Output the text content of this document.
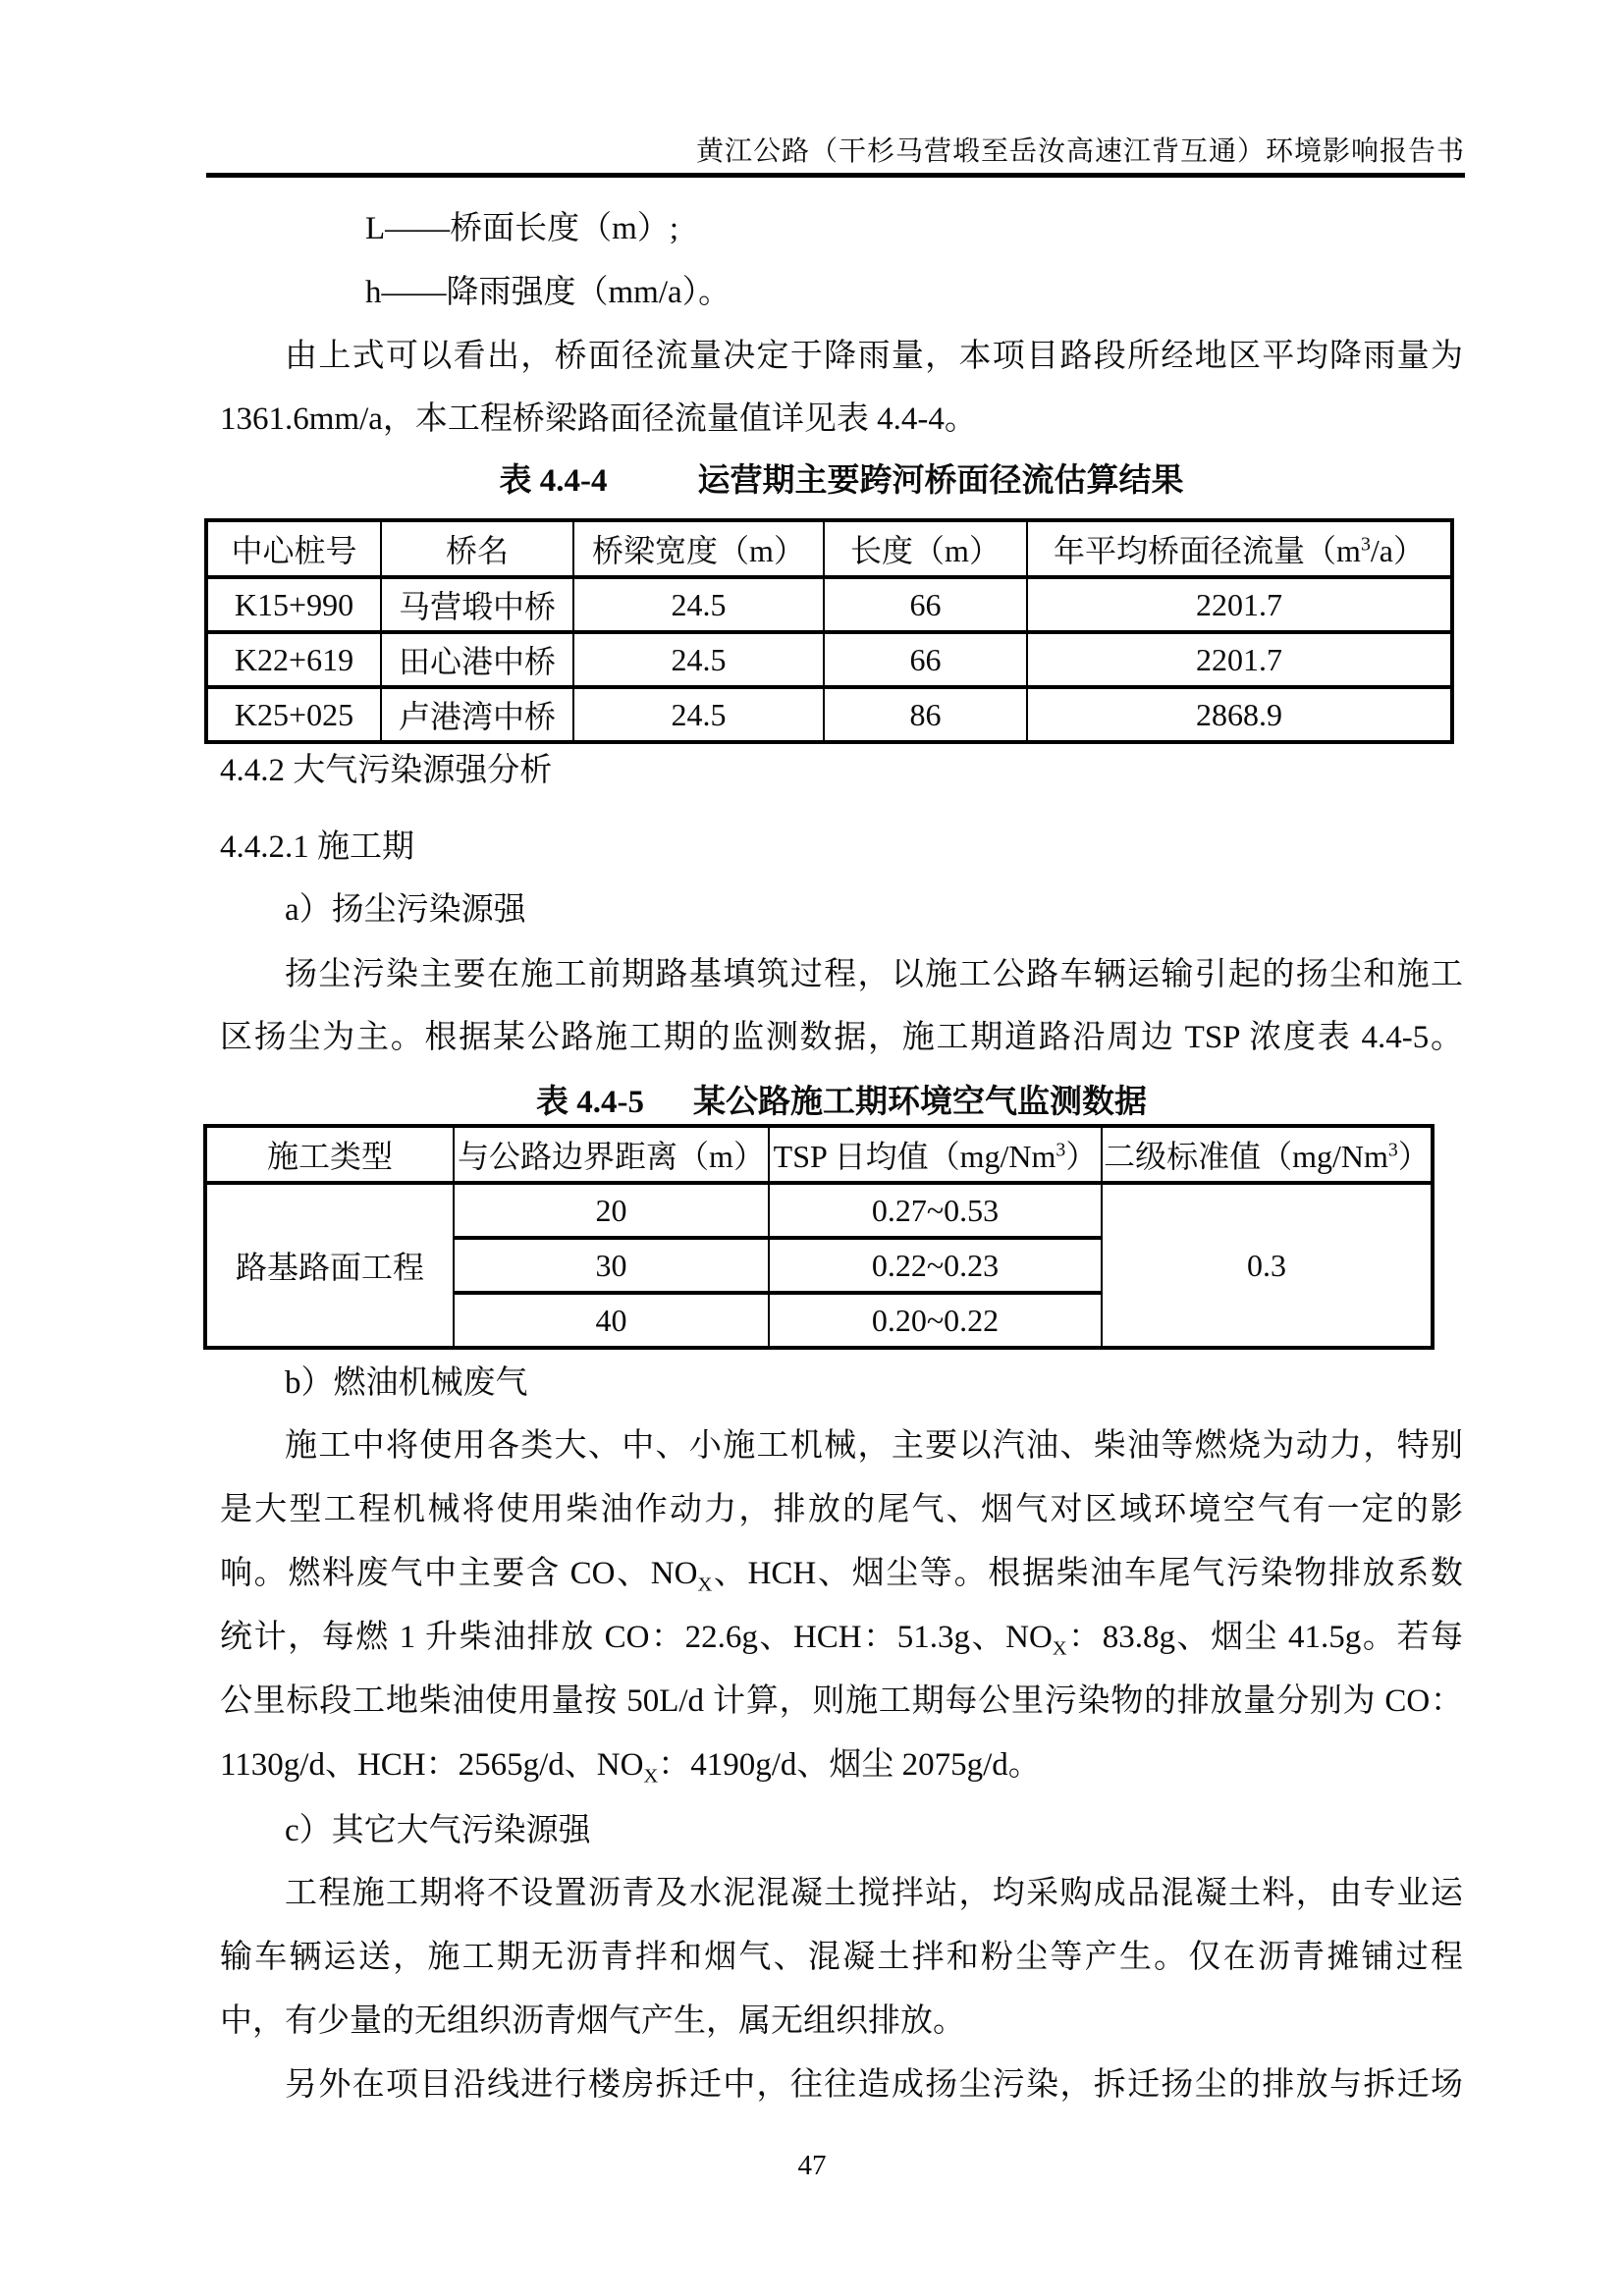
黄江公路（干杉马营塅至岳汝高速江背互通）环境影响报告书
L——桥面长度（m）;
h——降雨强度（mm/a）。
由上式可以看出，桥面径流量决定于降雨量，本项目路段所经地区平均降雨量为
1361.6mm/a，本工程桥梁路面径流量值详见表 4.4-4。
表 4.4-4	运营期主要跨河桥面径流估算结果
中心桩号	桥名	桥梁宽度（m）	长度（m）	年平均桥面径流量$(m^3/a)$
K15+990	马营塅中桥	24.5	66	2201.7
K22+619	田心港中桥	24.5	66	2201.7
K25+025	卢港湾中桥	24.5	86	2868.9
4.4.2 大气污染源强分析
4.4.2.1 施工期
a）扬尘污染源强
扬尘污染主要在施工前期路基填筑过程，以施工公路车辆运输引起的扬尘和施工
区扬尘为主。根据某公路施工期的监测数据，施工期道路沿周边 TSP 浓度表 4.4-5。
表 4.4-5 某公路施工期环境空气监测数据
施工类型	与公路边界距离（m）	TSP 日均值（mg/Nm$^3$）	二级标准值（mg/Nm$^3$）
路基路面工程	20	0.27~0.53	0.3
	30	0.22~0.23	
	40	0.20~0.22	
b）燃油机械废气
施工中将使用各类大、中、小施工机械，主要以汽油、柴油等燃烧为动力，特别
是大型工程机械将使用柴油作动力，排放的尾气、烟气对区域环境空气有一定的影
响。燃料废气中主要含 CO、$NO_X$、HCH、烟尘等。根据柴油车尾气污染物排放系数
统计，每燃 1 升柴油排放 CO：22.6g、HCH：51.3g、$NO_X$：83.8g、烟尘 41.5g。若每
公里标段工地柴油使用量按 50L/d 计算，则施工期每公里污染物的排放量分别为 CO：
1130g/d、HCH：2565g/d、$NO_X$：4190g/d、烟尘 2075g/d。
c）其它大气污染源强
工程施工期将不设置沥青及水泥混凝土搅拌站，均采购成品混凝土料，由专业运
输车辆运送，施工期无沥青拌和烟气、混凝土拌和粉尘等产生。仅在沥青摊铺过程
中，有少量的无组织沥青烟气产生，属无组织排放。
另外在项目沿线进行楼房拆迁中，往往造成扬尘污染，拆迁扬尘的排放与拆迁场
47
